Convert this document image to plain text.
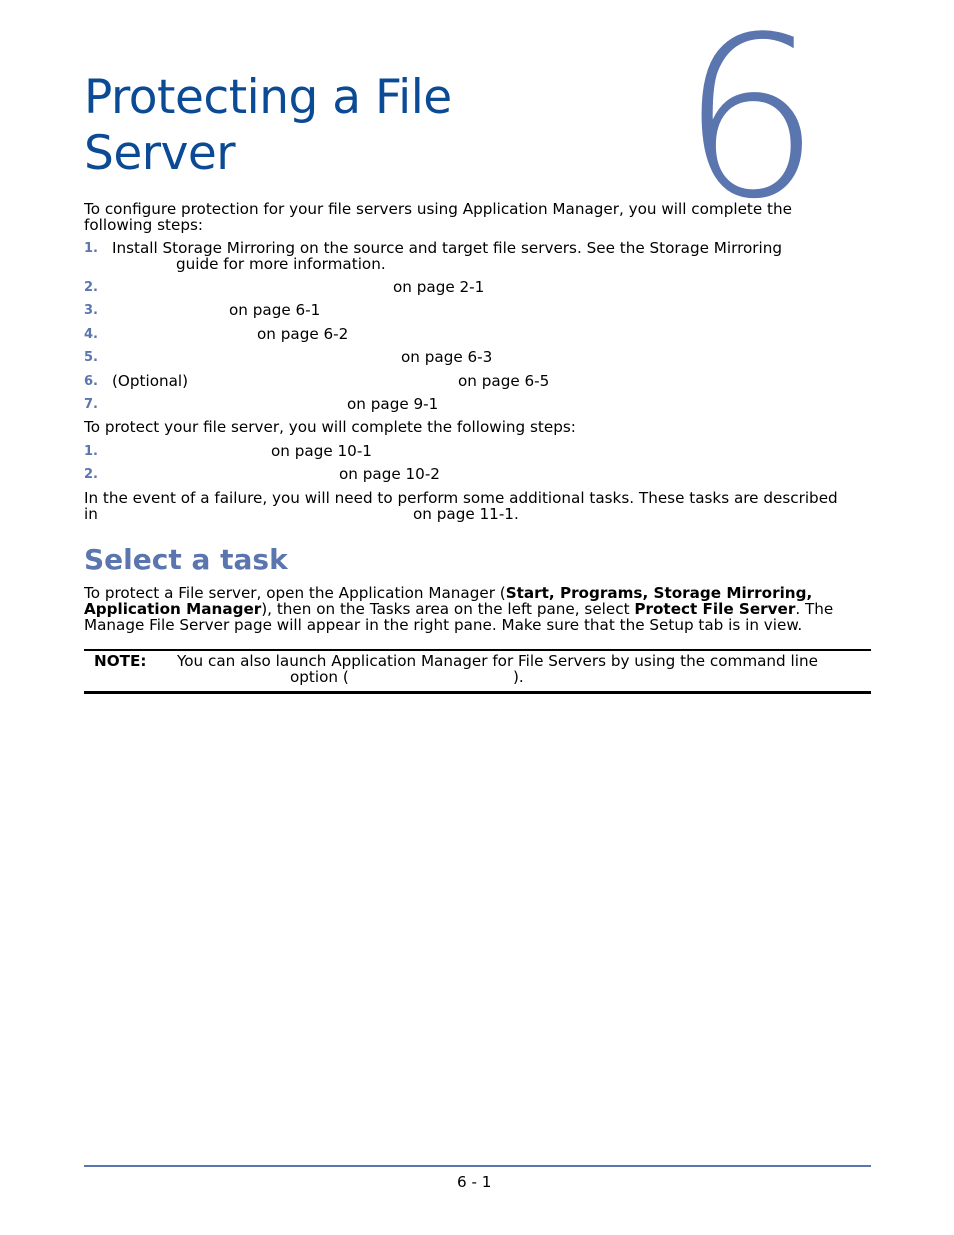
Protecting a File
Server	6
To configure protection for your file servers using Application Manager, you will complete the
following steps:
1. Install Storage Mirroring on the source and target file servers. See the Storage Mirroring
guide for more information.
2.	on page 2-1
3.	on page 6-1
4.	on page 6-2
5.	on page 6-3
6. (Optional)	on page 6-5
7.	on page 9-1
To protect your file server, you will complete the following steps:
1.	on page 10-1
2.	on page 10-2
In the event of a failure, you will need to perform some additional tasks. These tasks are described
in	on page 11-1.
Select a task
To protect a File server, open the Application Manager (Start, Programs, Storage Mirroring,
Application Manager), then on the Tasks area on the left pane, select Protect File Server. The
Manage File Server page will appear in the right pane. Make sure that the Setup tab is in view.
NOTE: You can also launch Application Manager for File Servers by using the command line
option (	).
6 - 1
